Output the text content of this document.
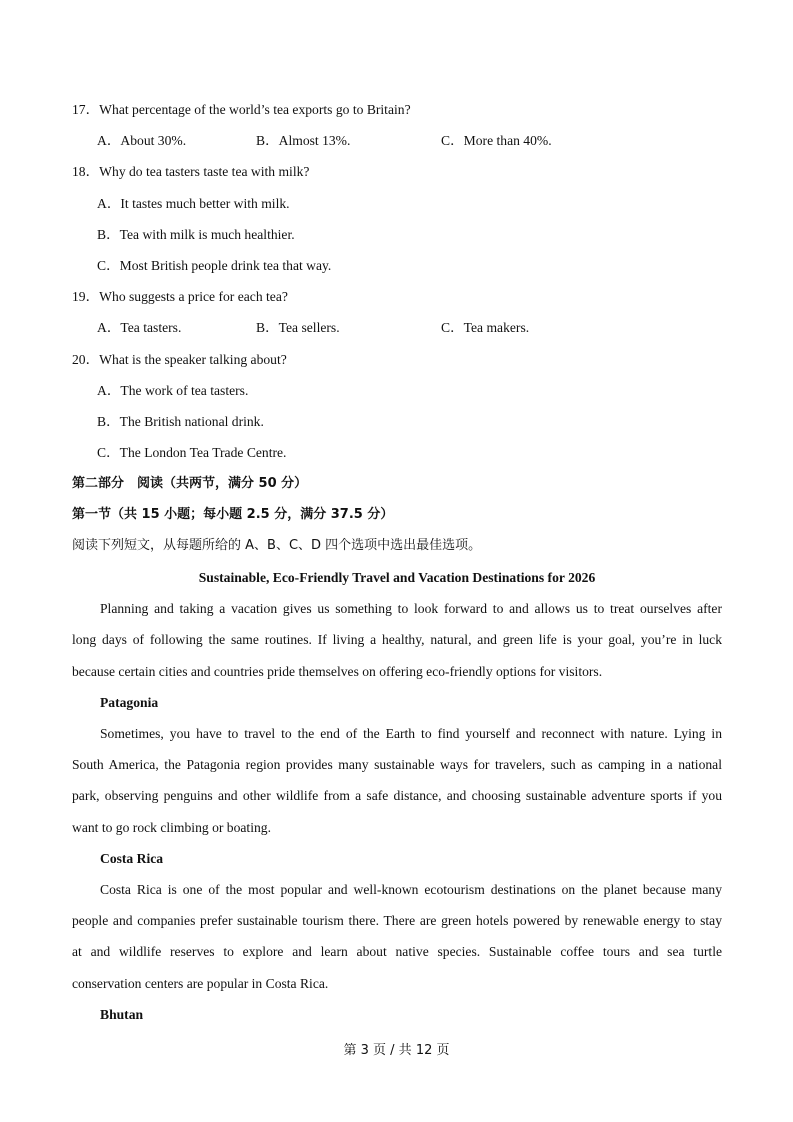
17．What percentage of the world’s tea exports go to Britain?
A．About 30%.	B．Almost 13%.	C．More than 40%.
18．Why do tea tasters taste tea with milk?
A．It tastes much better with milk.
B．Tea with milk is much healthier.
C．Most British people drink tea that way.
19．Who suggests a price for each tea?
A．Tea tasters.	B．Tea sellers.	C．Tea makers.
20．What is the speaker talking about?
A．The work of tea tasters.
B．The British national drink.
C．The London Tea Trade Centre.
第二部分　阅读（共两节，满分 50 分）
第一节（共 15 小题；每小题 2.5 分，满分 37.5 分）
阅读下列短文，从每题所给的 A、B、C、D 四个选项中选出最佳选项。
Sustainable, Eco-Friendly Travel and Vacation Destinations for 2026
Planning and taking a vacation gives us something to look forward to and allows us to treat ourselves after
long days of following the same routines. If living a healthy, natural, and green life is your goal, you’re in luck
because certain cities and countries pride themselves on offering eco-friendly options for visitors.
Patagonia
Sometimes, you have to travel to the end of the Earth to find yourself and reconnect with nature. Lying in
South America, the Patagonia region provides many sustainable ways for travelers, such as camping in a national
park, observing penguins and other wildlife from a safe distance, and choosing sustainable adventure sports if you
want to go rock climbing or boating.
Costa Rica
Costa Rica is one of the most popular and well-known ecotourism destinations on the planet because many
people and companies prefer sustainable tourism there. There are green hotels powered by renewable energy to stay
at and wildlife reserves to explore and learn about native species. Sustainable coffee tours and sea turtle
conservation centers are popular in Costa Rica.
Bhutan
第 3 页 / 共 12 页
